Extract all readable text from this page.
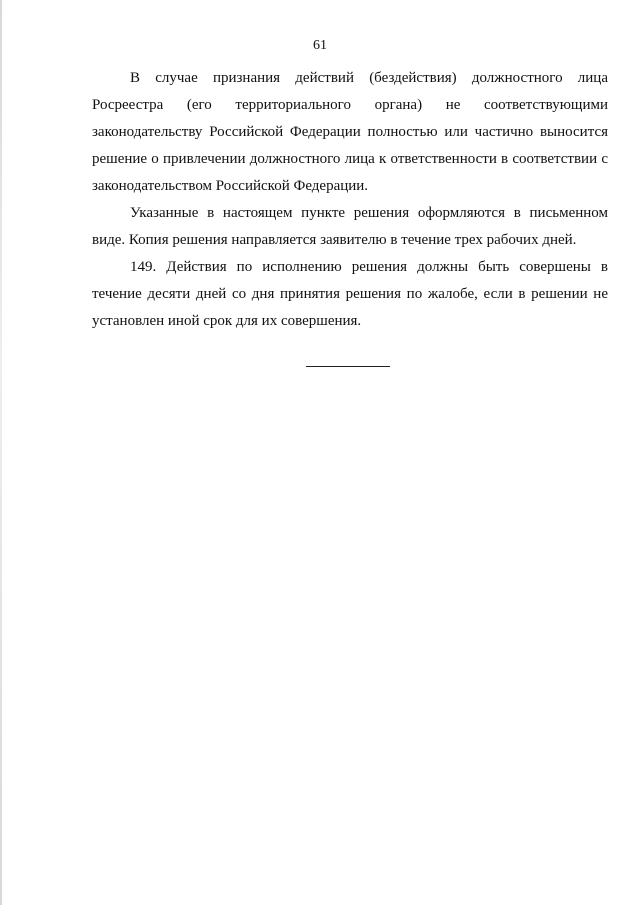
61

В случае признания действий (бездействия) должностного лица Росреестра (его территориального органа) не соответствующими законодательству Российской Федерации полностью или частично выносится решение о привлечении должностного лица к ответственности в соответствии с законодательством Российской Федерации.

Указанные в настоящем пункте решения оформляются в письменном виде. Копия решения направляется заявителю в течение трех рабочих дней.

149. Действия по исполнению решения должны быть совершены в течение десяти дней со дня принятия решения по жалобе, если в решении не установлен иной срок для их совершения.
